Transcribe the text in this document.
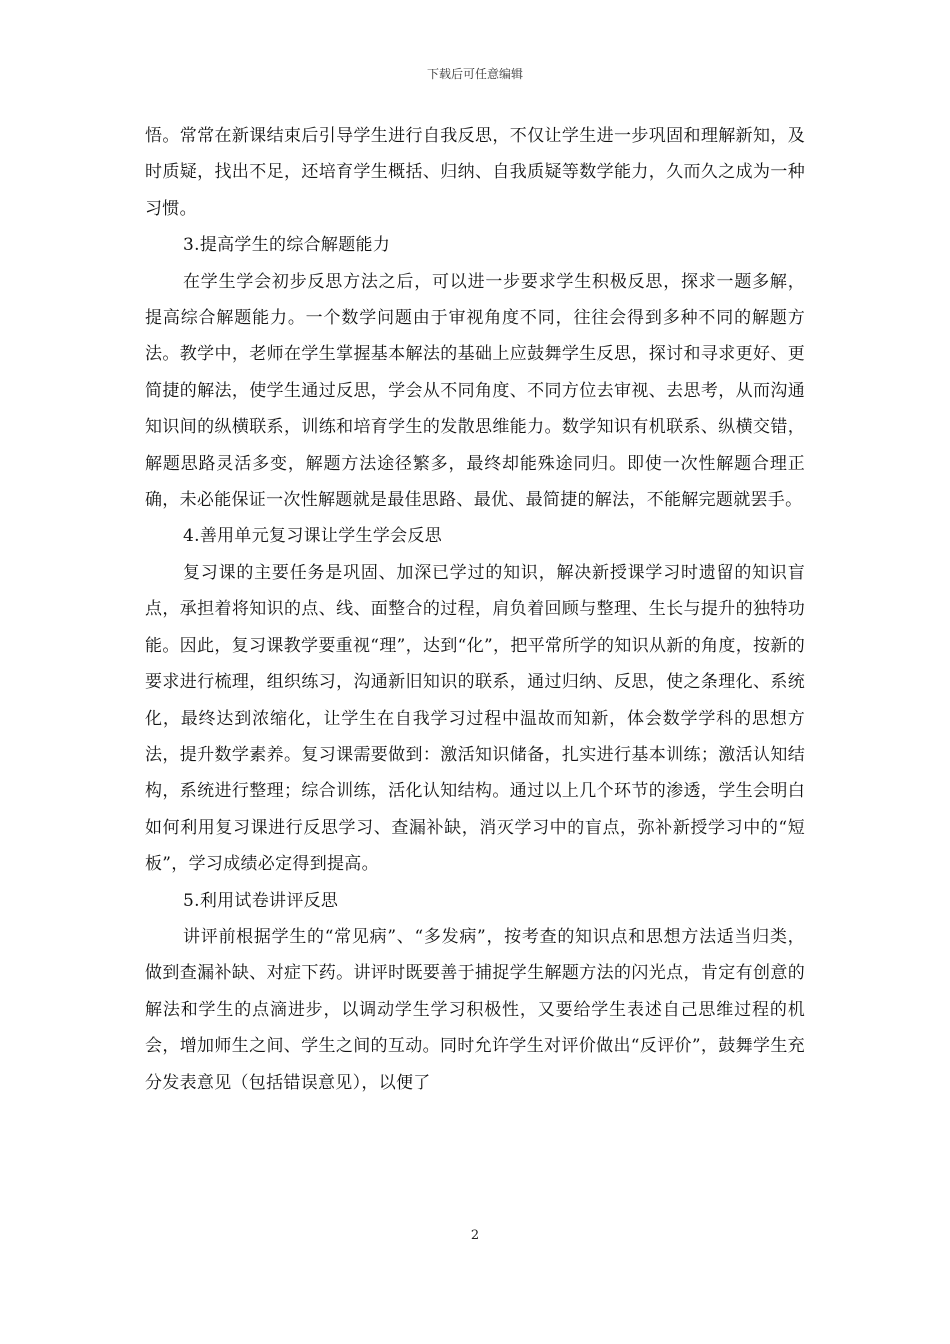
下载后可任意编辑

悟。常常在新课结束后引导学生进行自我反思，不仅让学生进一步巩固和理解新知，及时质疑，找出不足，还培育学生概括、归纳、自我质疑等数学能力，久而久之成为一种习惯。

3.提高学生的综合解题能力

在学生学会初步反思方法之后，可以进一步要求学生积极反思，探求一题多解，提高综合解题能力。一个数学问题由于审视角度不同，往往会得到多种不同的解题方法。教学中，老师在学生掌握基本解法的基础上应鼓舞学生反思，探讨和寻求更好、更简捷的解法，使学生通过反思，学会从不同角度、不同方位去审视、去思考，从而沟通知识间的纵横联系，训练和培育学生的发散思维能力。数学知识有机联系、纵横交错，解题思路灵活多变，解题方法途径繁多，最终却能殊途同归。即使一次性解题合理正确，未必能保证一次性解题就是最佳思路、最优、最简捷的解法，不能解完题就罢手。

4.善用单元复习课让学生学会反思

复习课的主要任务是巩固、加深已学过的知识，解决新授课学习时遗留的知识盲点，承担着将知识的点、线、面整合的过程，肩负着回顾与整理、生长与提升的独特功能。因此，复习课教学要重视“理”，达到“化”，把平常所学的知识从新的角度，按新的要求进行梳理，组织练习，沟通新旧知识的联系，通过归纳、反思，使之条理化、系统化，最终达到浓缩化，让学生在自我学习过程中温故而知新，体会数学学科的思想方法，提升数学素养。复习课需要做到：激活知识储备，扎实进行基本训练；激活认知结构，系统进行整理；综合训练，活化认知结构。通过以上几个环节的渗透，学生会明白如何利用复习课进行反思学习、查漏补缺，消灭学习中的盲点，弥补新授学习中的“短板”，学习成绩必定得到提高。

5.利用试卷讲评反思

讲评前根据学生的“常见病”、“多发病”，按考查的知识点和思想方法适当归类，做到查漏补缺、对症下药。讲评时既要善于捕捉学生解题方法的闪光点，肯定有创意的解法和学生的点滴进步，以调动学生学习积极性，又要给学生表述自己思维过程的机会，增加师生之间、学生之间的互动。同时允许学生对评价做出“反评价”，鼓舞学生充分发表意见（包括错误意见），以便了

2
